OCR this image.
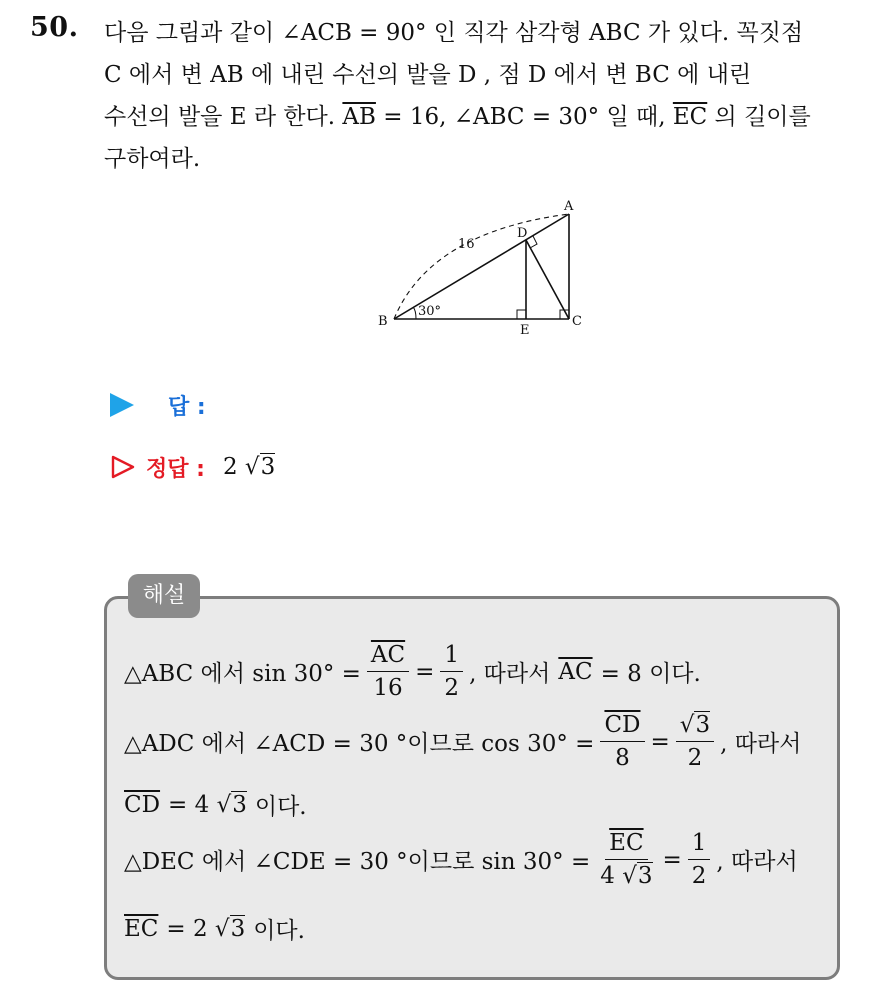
50. 다음 그림과 같이 ∠ACB = 90° 인 직각 삼각형 ABC 가 있다. 꼭짓점
C 에서 변 AB 에 내린 수선의 발을 D , 점 D 에서 변 BC 에 내린
수선의 발을 E 라 한다. $\overline{AB} = 16$, ∠ABC = 30° 일 때, $\overline{EC}$ 의 길이를
구하여라.
A
B	C
D
E
16
30°
답 :
정답 : 2 √3
해설
△ABC 에서 $\sin 30^\circ = \frac{\overline{AC}}{16} = \frac{1}{2}$ , 따라서 $\overline{AC} = 8$ 이다.
△ADC 에서 ∠ACD = 30 °이므로 $\cos 30^\circ = \frac{\overline{CD}}{8} = \frac{√3}{2}$ , 따라서
$\overline{CD} = 4$ √3 이다.
△DEC 에서 ∠CDE = 30 °이므로 $\sin 30^\circ = \frac{\overline{EC}}{4 √3} = \frac{1}{2}$ , 따라서
$\overline{EC} = 2$ √3 이다.
